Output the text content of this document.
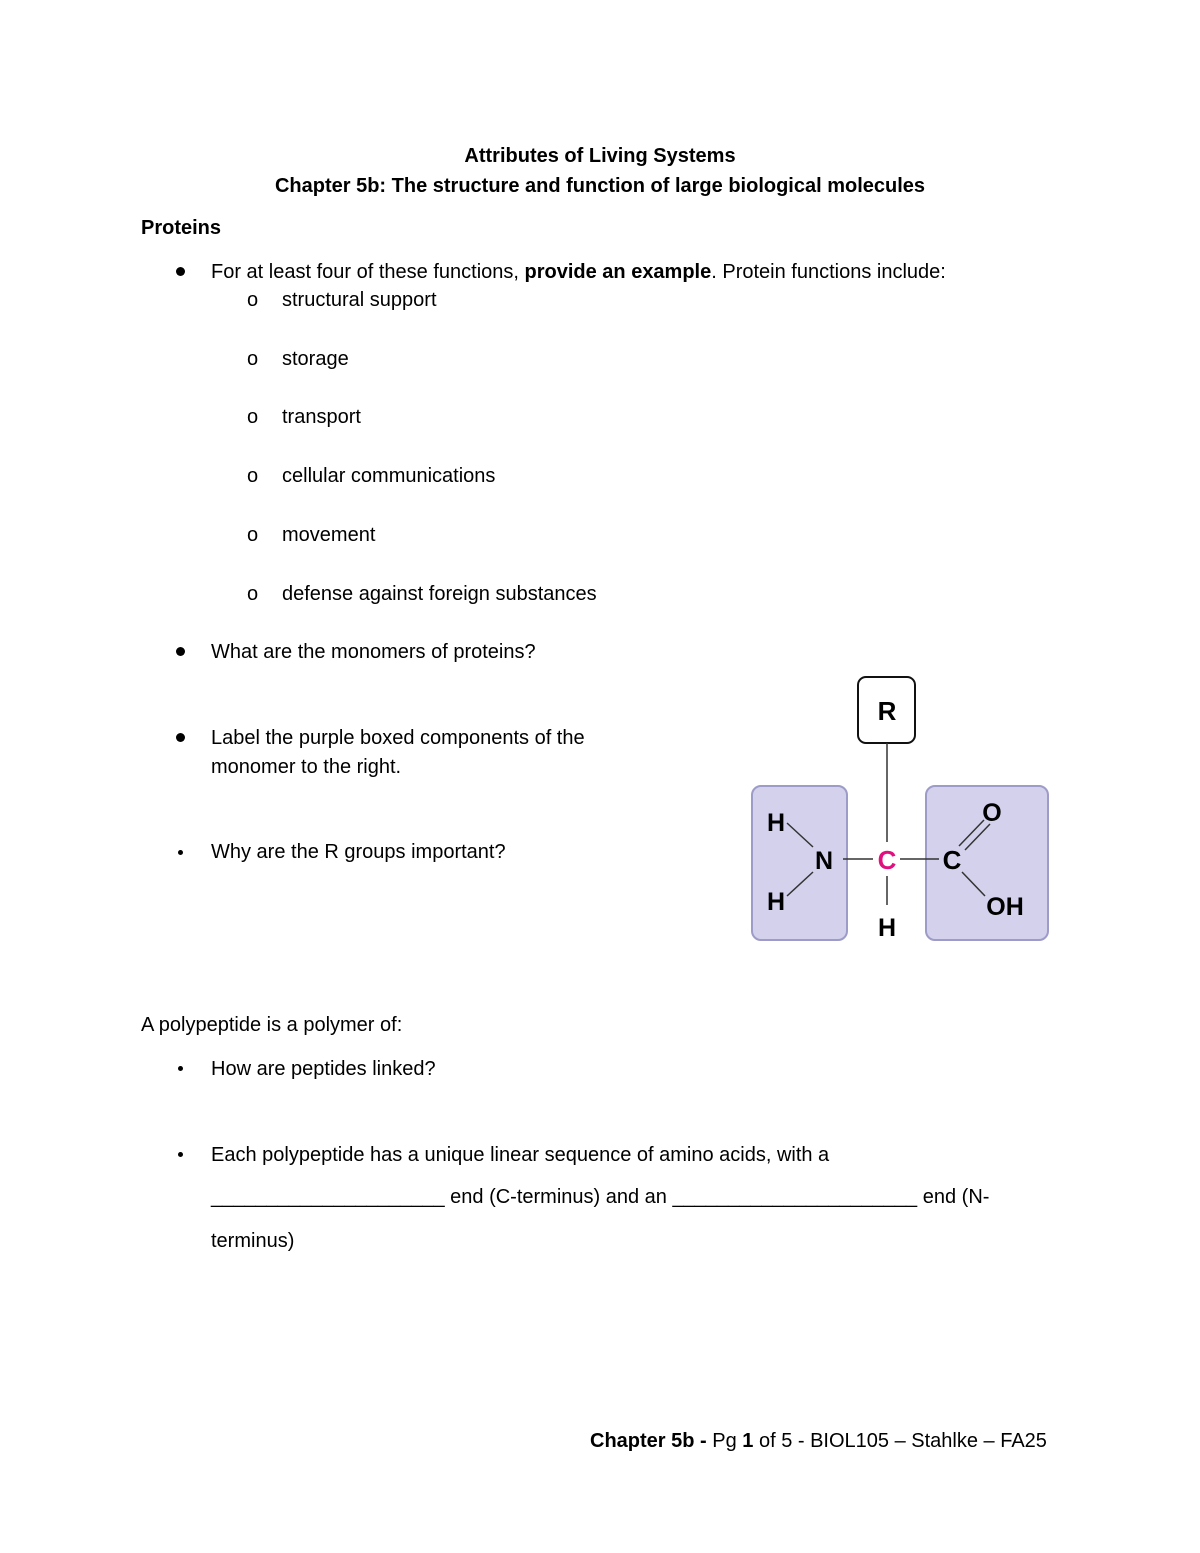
Attributes of Living Systems
Chapter 5b: The structure and function of large biological molecules
Proteins
For at least four of these functions, provide an example. Protein functions include:
o structural support
o storage
o transport
o cellular communications
o movement
o defense against foreign substances
What are the monomers of proteins?
Label the purple boxed components of the
monomer to the right.
Why are the R groups important?
R
H
H
N C
H
C
O
OH
A polypeptide is a polymer of:
How are peptides linked?
Each polypeptide has a unique linear sequence of amino acids, with a
_____________________ end (C-terminus) and an ______________________ end (N-
terminus)
Chapter 5b - Pg 1 of 5 - BIOL105 – Stahlke – FA25
